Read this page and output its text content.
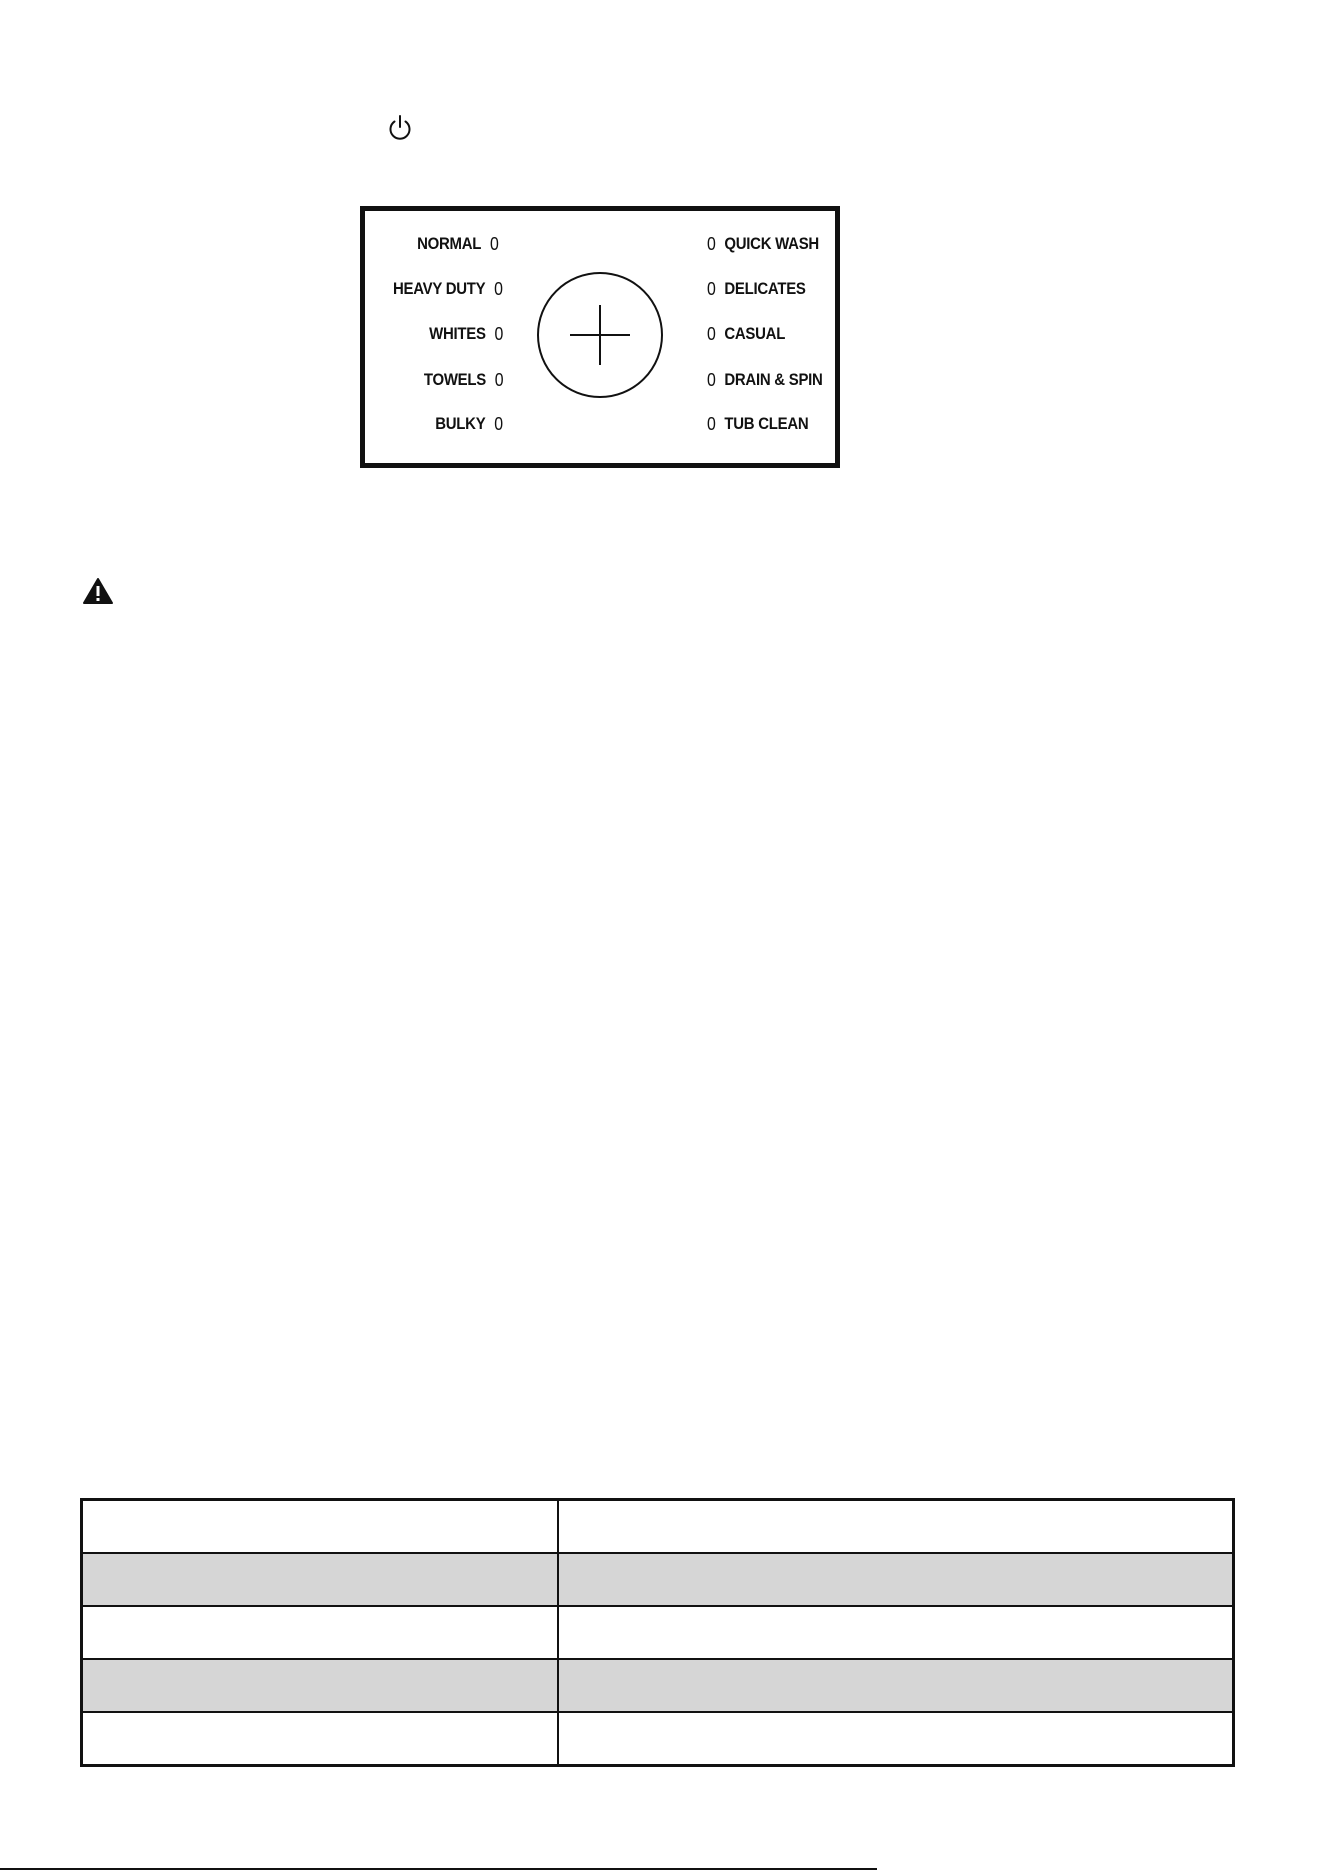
NORMAL 0
HEAVY DUTY 0
WHITES 0
TOWELS 0
BULKY 0
0 QUICK WASH
0 DELICATES
0 CASUAL
0 DRAIN & SPIN
0 TUB CLEAN
